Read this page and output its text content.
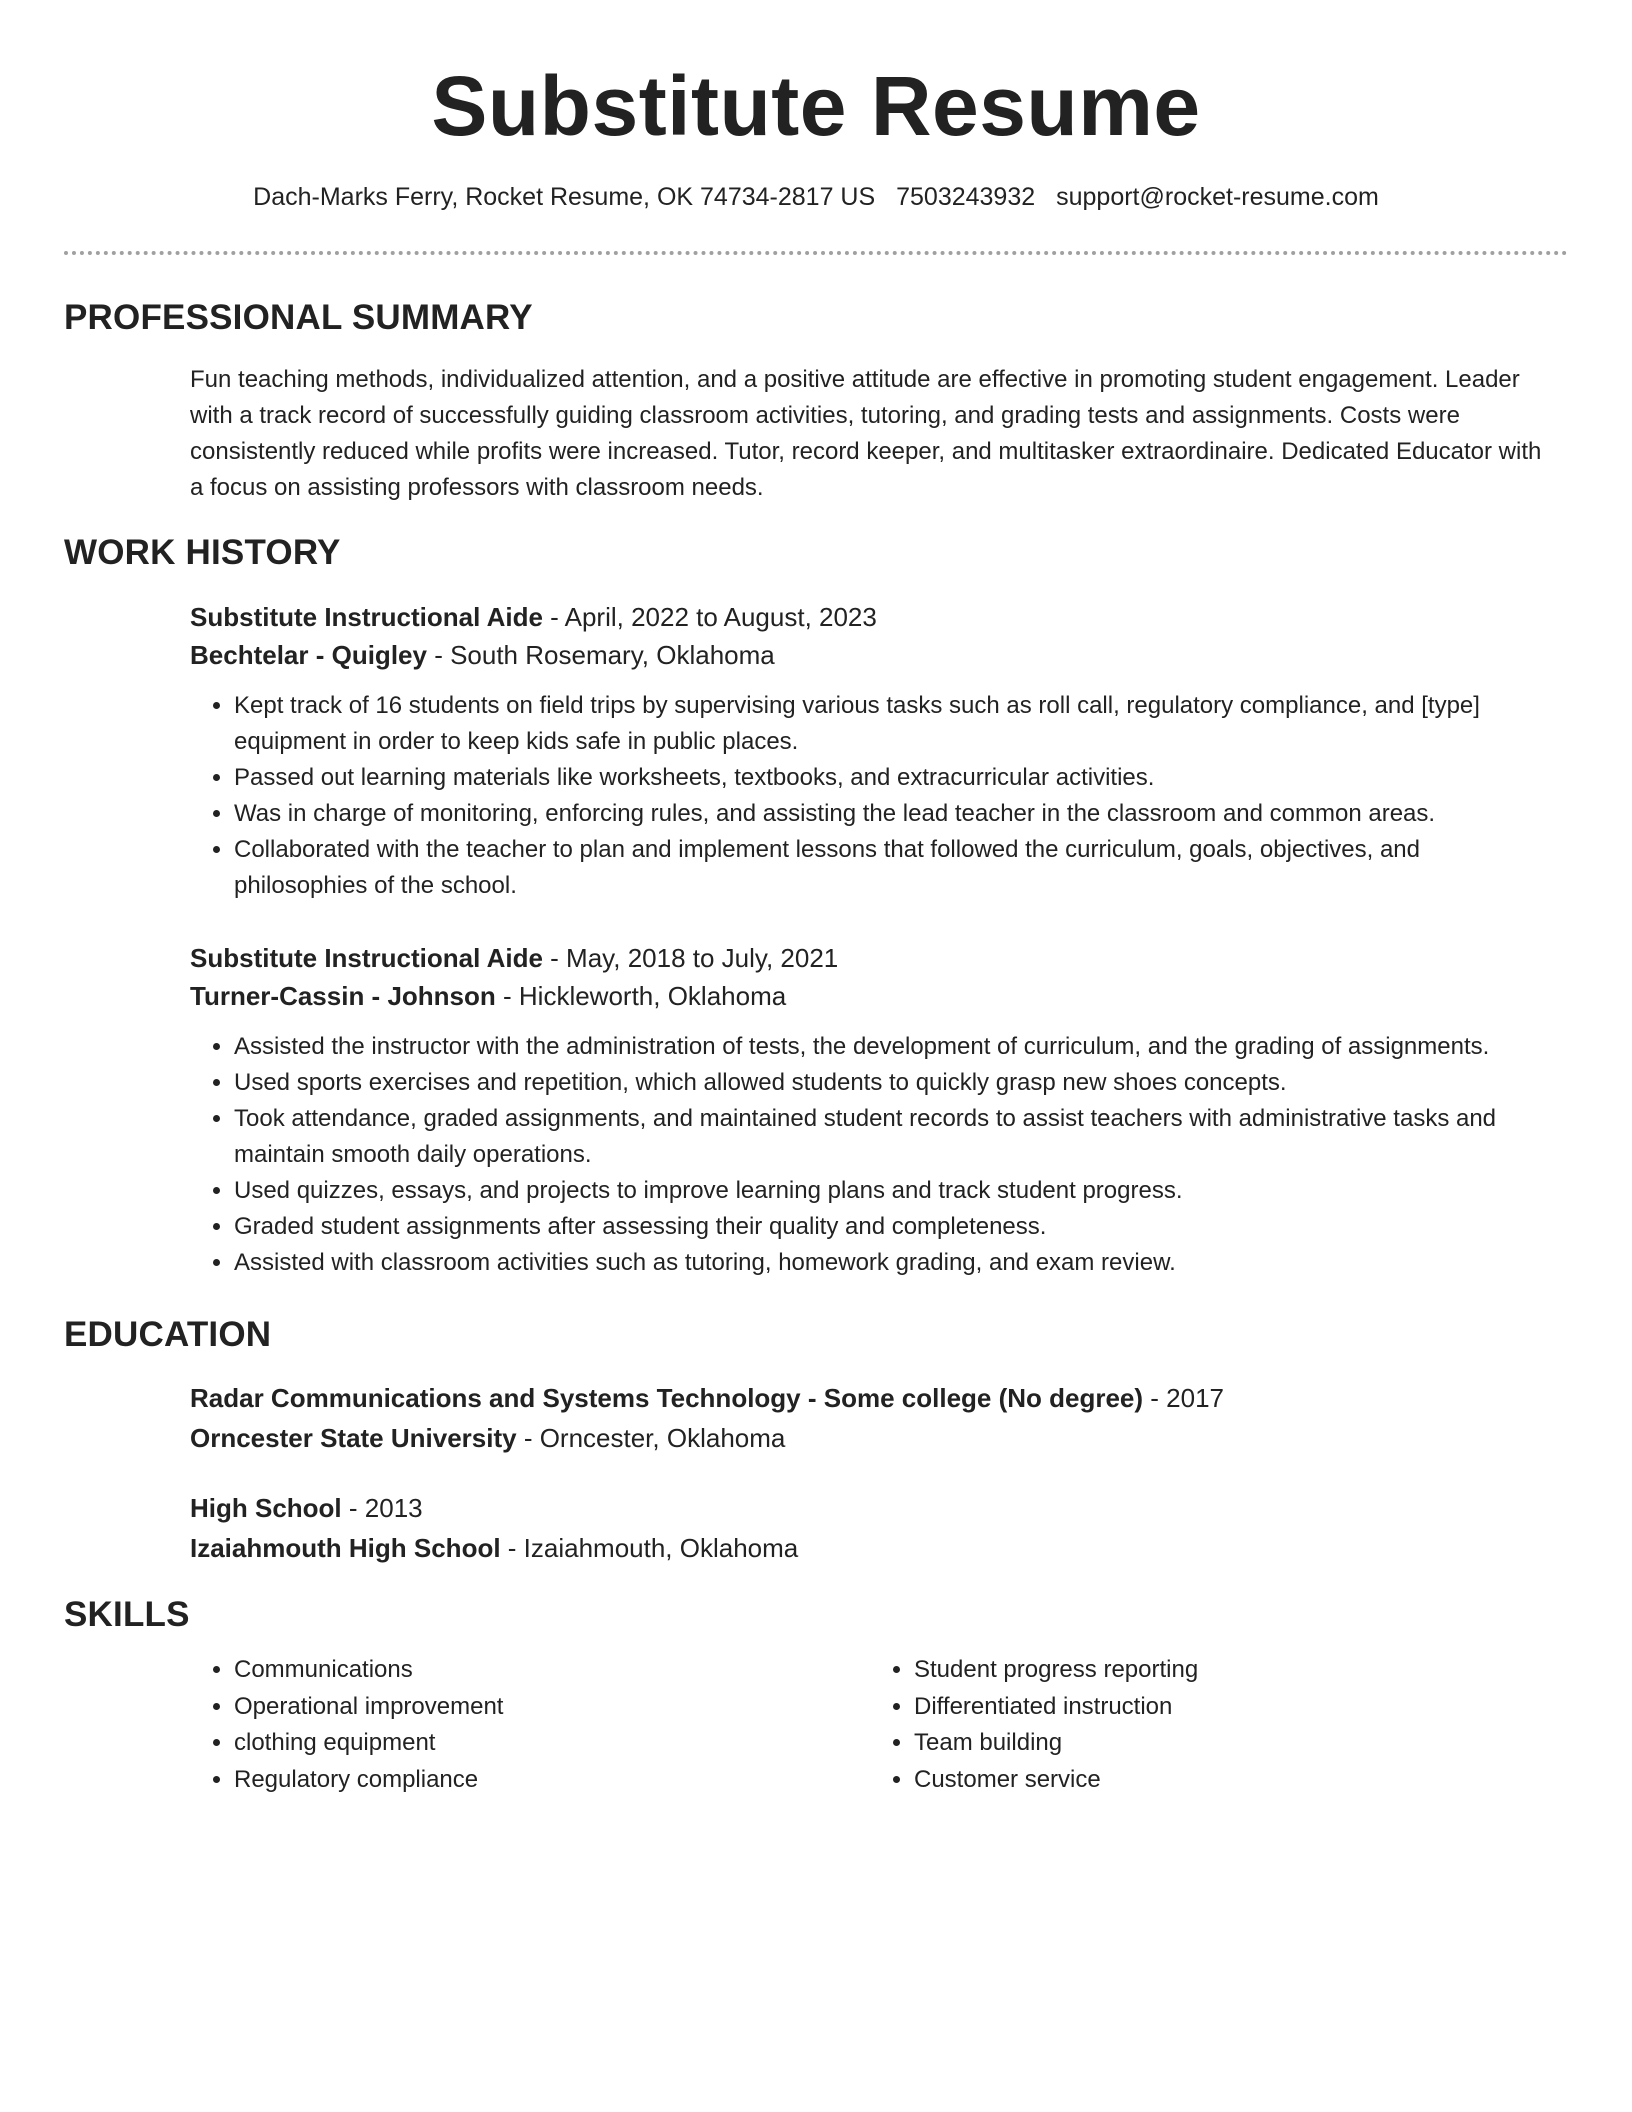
Substitute Resume
Dach-Marks Ferry, Rocket Resume, OK 74734-2817 US 7503243932 support@rocket-resume.com
PROFESSIONAL SUMMARY

Fun teaching methods, individualized attention, and a positive attitude are effective in promoting student engagement. Leader with a track record of successfully guiding classroom activities, tutoring, and grading tests and assignments. Costs were consistently reduced while profits were increased. Tutor, record keeper, and multitasker extraordinaire. Dedicated Educator with a focus on assisting professors with classroom needs.

WORK HISTORY

Substitute Instructional Aide - April, 2022 to August, 2023

Bechtelar - Quigley - South Rosemary, Oklahoma

• Kept track of 16 students on field trips by supervising various tasks such as roll call, regulatory compliance, and [type] equipment in order to keep kids safe in public places.
• Passed out learning materials like worksheets, textbooks, and extracurricular activities.
• Was in charge of monitoring, enforcing rules, and assisting the lead teacher in the classroom and common areas.
• Collaborated with the teacher to plan and implement lessons that followed the curriculum, goals, objectives, and philosophies of the school.

Substitute Instructional Aide - May, 2018 to July, 2021

Turner-Cassin - Johnson - Hickleworth, Oklahoma

• Assisted the instructor with the administration of tests, the development of curriculum, and the grading of assignments.
• Used sports exercises and repetition, which allowed students to quickly grasp new shoes concepts.
• Took attendance, graded assignments, and maintained student records to assist teachers with administrative tasks and maintain smooth daily operations.
• Used quizzes, essays, and projects to improve learning plans and track student progress.
• Graded student assignments after assessing their quality and completeness.
• Assisted with classroom activities such as tutoring, homework grading, and exam review.
EDUCATION

Radar Communications and Systems Technology - Some college (No degree) - 2017

Orncester State University - Orncester, Oklahoma

High School - 2013

Izaiahmouth High School - Izaiahmouth, Oklahoma

SKILLS
• Communications
• Operational improvement
• clothing equipment
• Regulatory compliance
• Student progress reporting
• Differentiated instruction
• Team building
• Customer service
